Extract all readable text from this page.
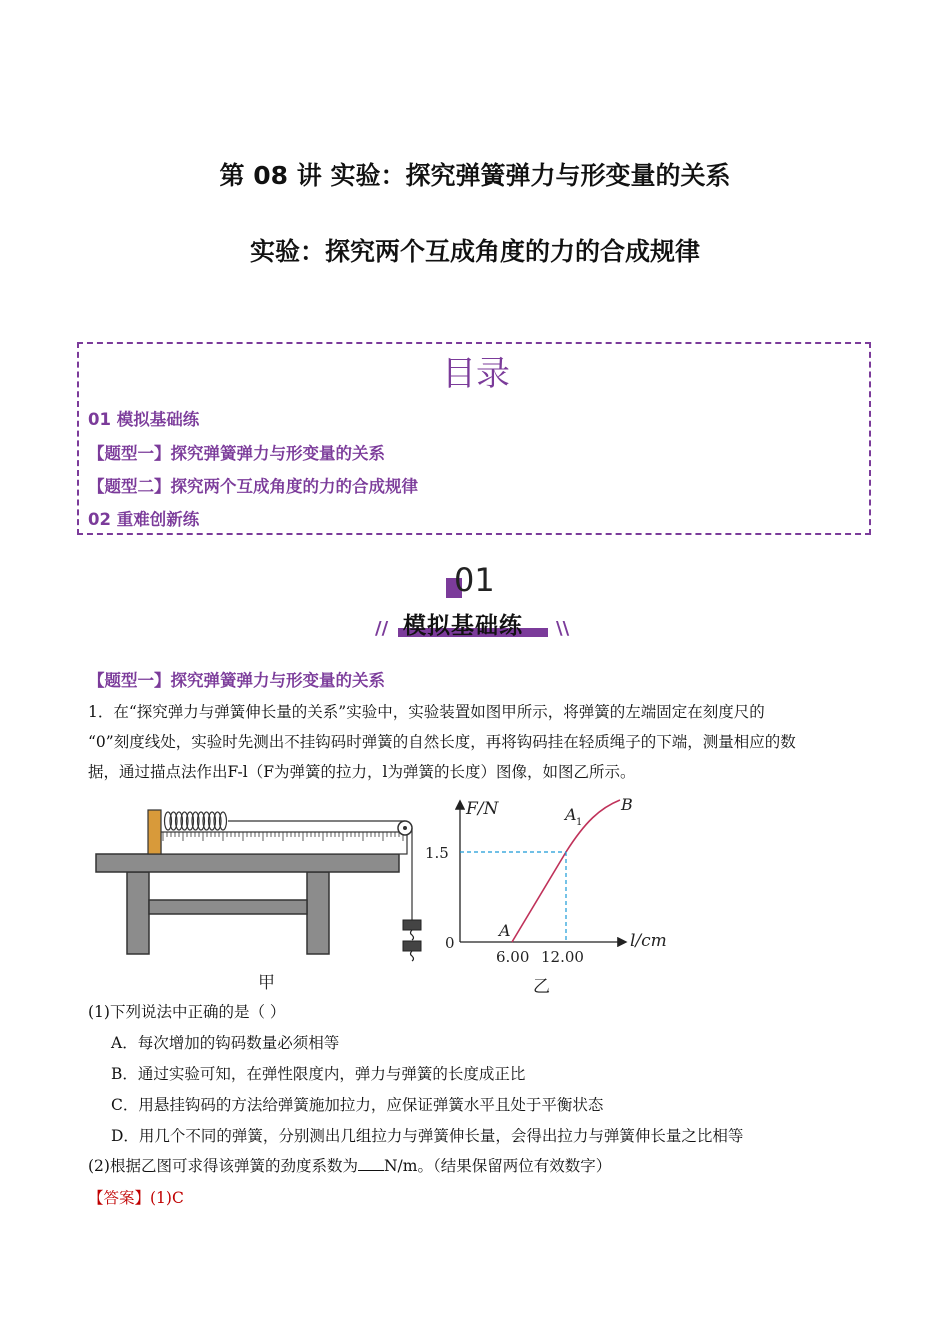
第 08 讲 实验：探究弹簧弹力与形变量的关系
实验：探究两个互成角度的力的合成规律
目录
01 模拟基础练
【题型一】探究弹簧弹力与形变量的关系
【题型二】探究两个互成角度的力的合成规律
02 重难创新练
01
模拟基础练
//	\\
【题型一】探究弹簧弹力与形变量的关系
1．在“探究弹力与弹簧伸长量的关系”实验中，实验装置如图甲所示，将弹簧的左端固定在刻度尺的
“0”刻度线处，实验时先测出不挂钩码时弹簧的自然长度，再将钩码挂在轻质绳子的下端，测量相应的数
据，通过描点法作出F-l（F为弹簧的拉力，l为弹簧的长度）图像，如图乙所示。
甲
F/N
l/cm
0
1.5
6.00 12.00
A
A 1
B
乙
(1)下列说法中正确的是（ ）
A．每次增加的钩码数量必须相等
B．通过实验可知，在弹性限度内，弹力与弹簧的长度成正比
C．用悬挂钩码的方法给弹簧施加拉力，应保证弹簧水平且处于平衡状态
D．用几个不同的弹簧，分别测出几组拉力与弹簧伸长量，会得出拉力与弹簧伸长量之比相等
(2)根据乙图可求得该弹簧的劲度系数为 N/m。（结果保留两位有效数字）
【答案】(1)C
